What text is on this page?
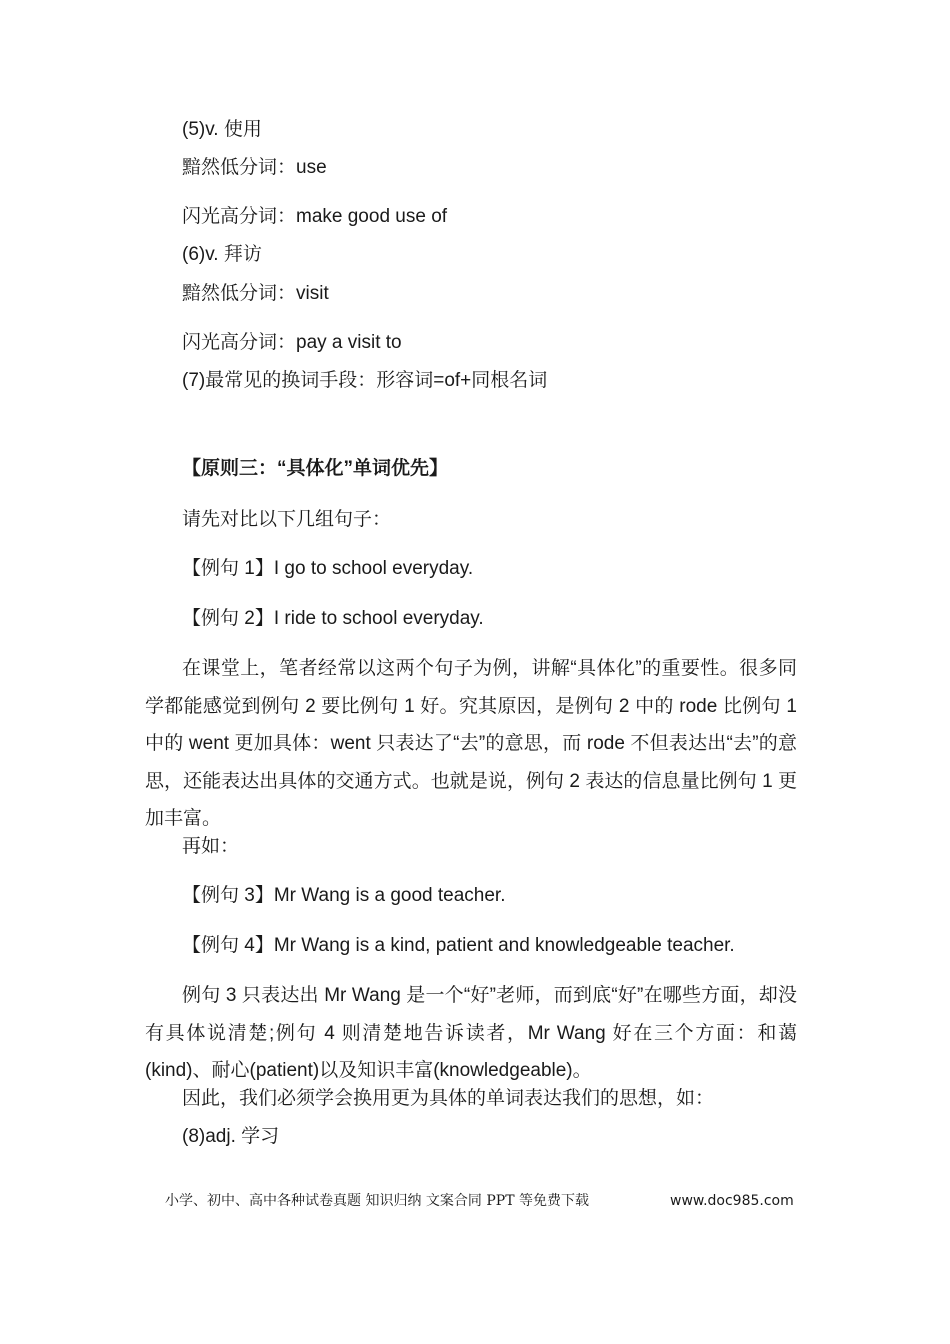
(5)v. 使用
黯然低分词：use
闪光高分词：make good use of
(6)v. 拜访
黯然低分词：visit
闪光高分词：pay a visit to
(7)最常见的换词手段：形容词=of+同根名词
【原则三：“具体化”单词优先】
请先对比以下几组句子：
【例句 1】I go to school everyday.
【例句 2】I ride to school everyday.
在课堂上，笔者经常以这两个句子为例，讲解“具体化”的重要性。很多同学都能感觉到例句 2 要比例句 1 好。究其原因，是例句 2 中的 rode 比例句 1 中的 went 更加具体：went 只表达了“去”的意思，而 rode 不但表达出“去”的意思，还能表达出具体的交通方式。也就是说，例句 2 表达的信息量比例句 1 更加丰富。
再如：
【例句 3】Mr Wang is a good teacher.
【例句 4】Mr Wang is a kind, patient and knowledgeable teacher.
例句 3 只表达出 Mr Wang 是一个“好”老师，而到底“好”在哪些方面，却没有具体说清楚;例句 4 则清楚地告诉读者，Mr Wang 好在三个方面：和蔼(kind)、耐心(patient)以及知识丰富(knowledgeable)。
因此，我们必须学会换用更为具体的单词表达我们的思想，如：
(8)adj. 学习
小学、初中、高中各种试卷真题 知识归纳 文案合同 PPT 等免费下载	www.doc985.com
